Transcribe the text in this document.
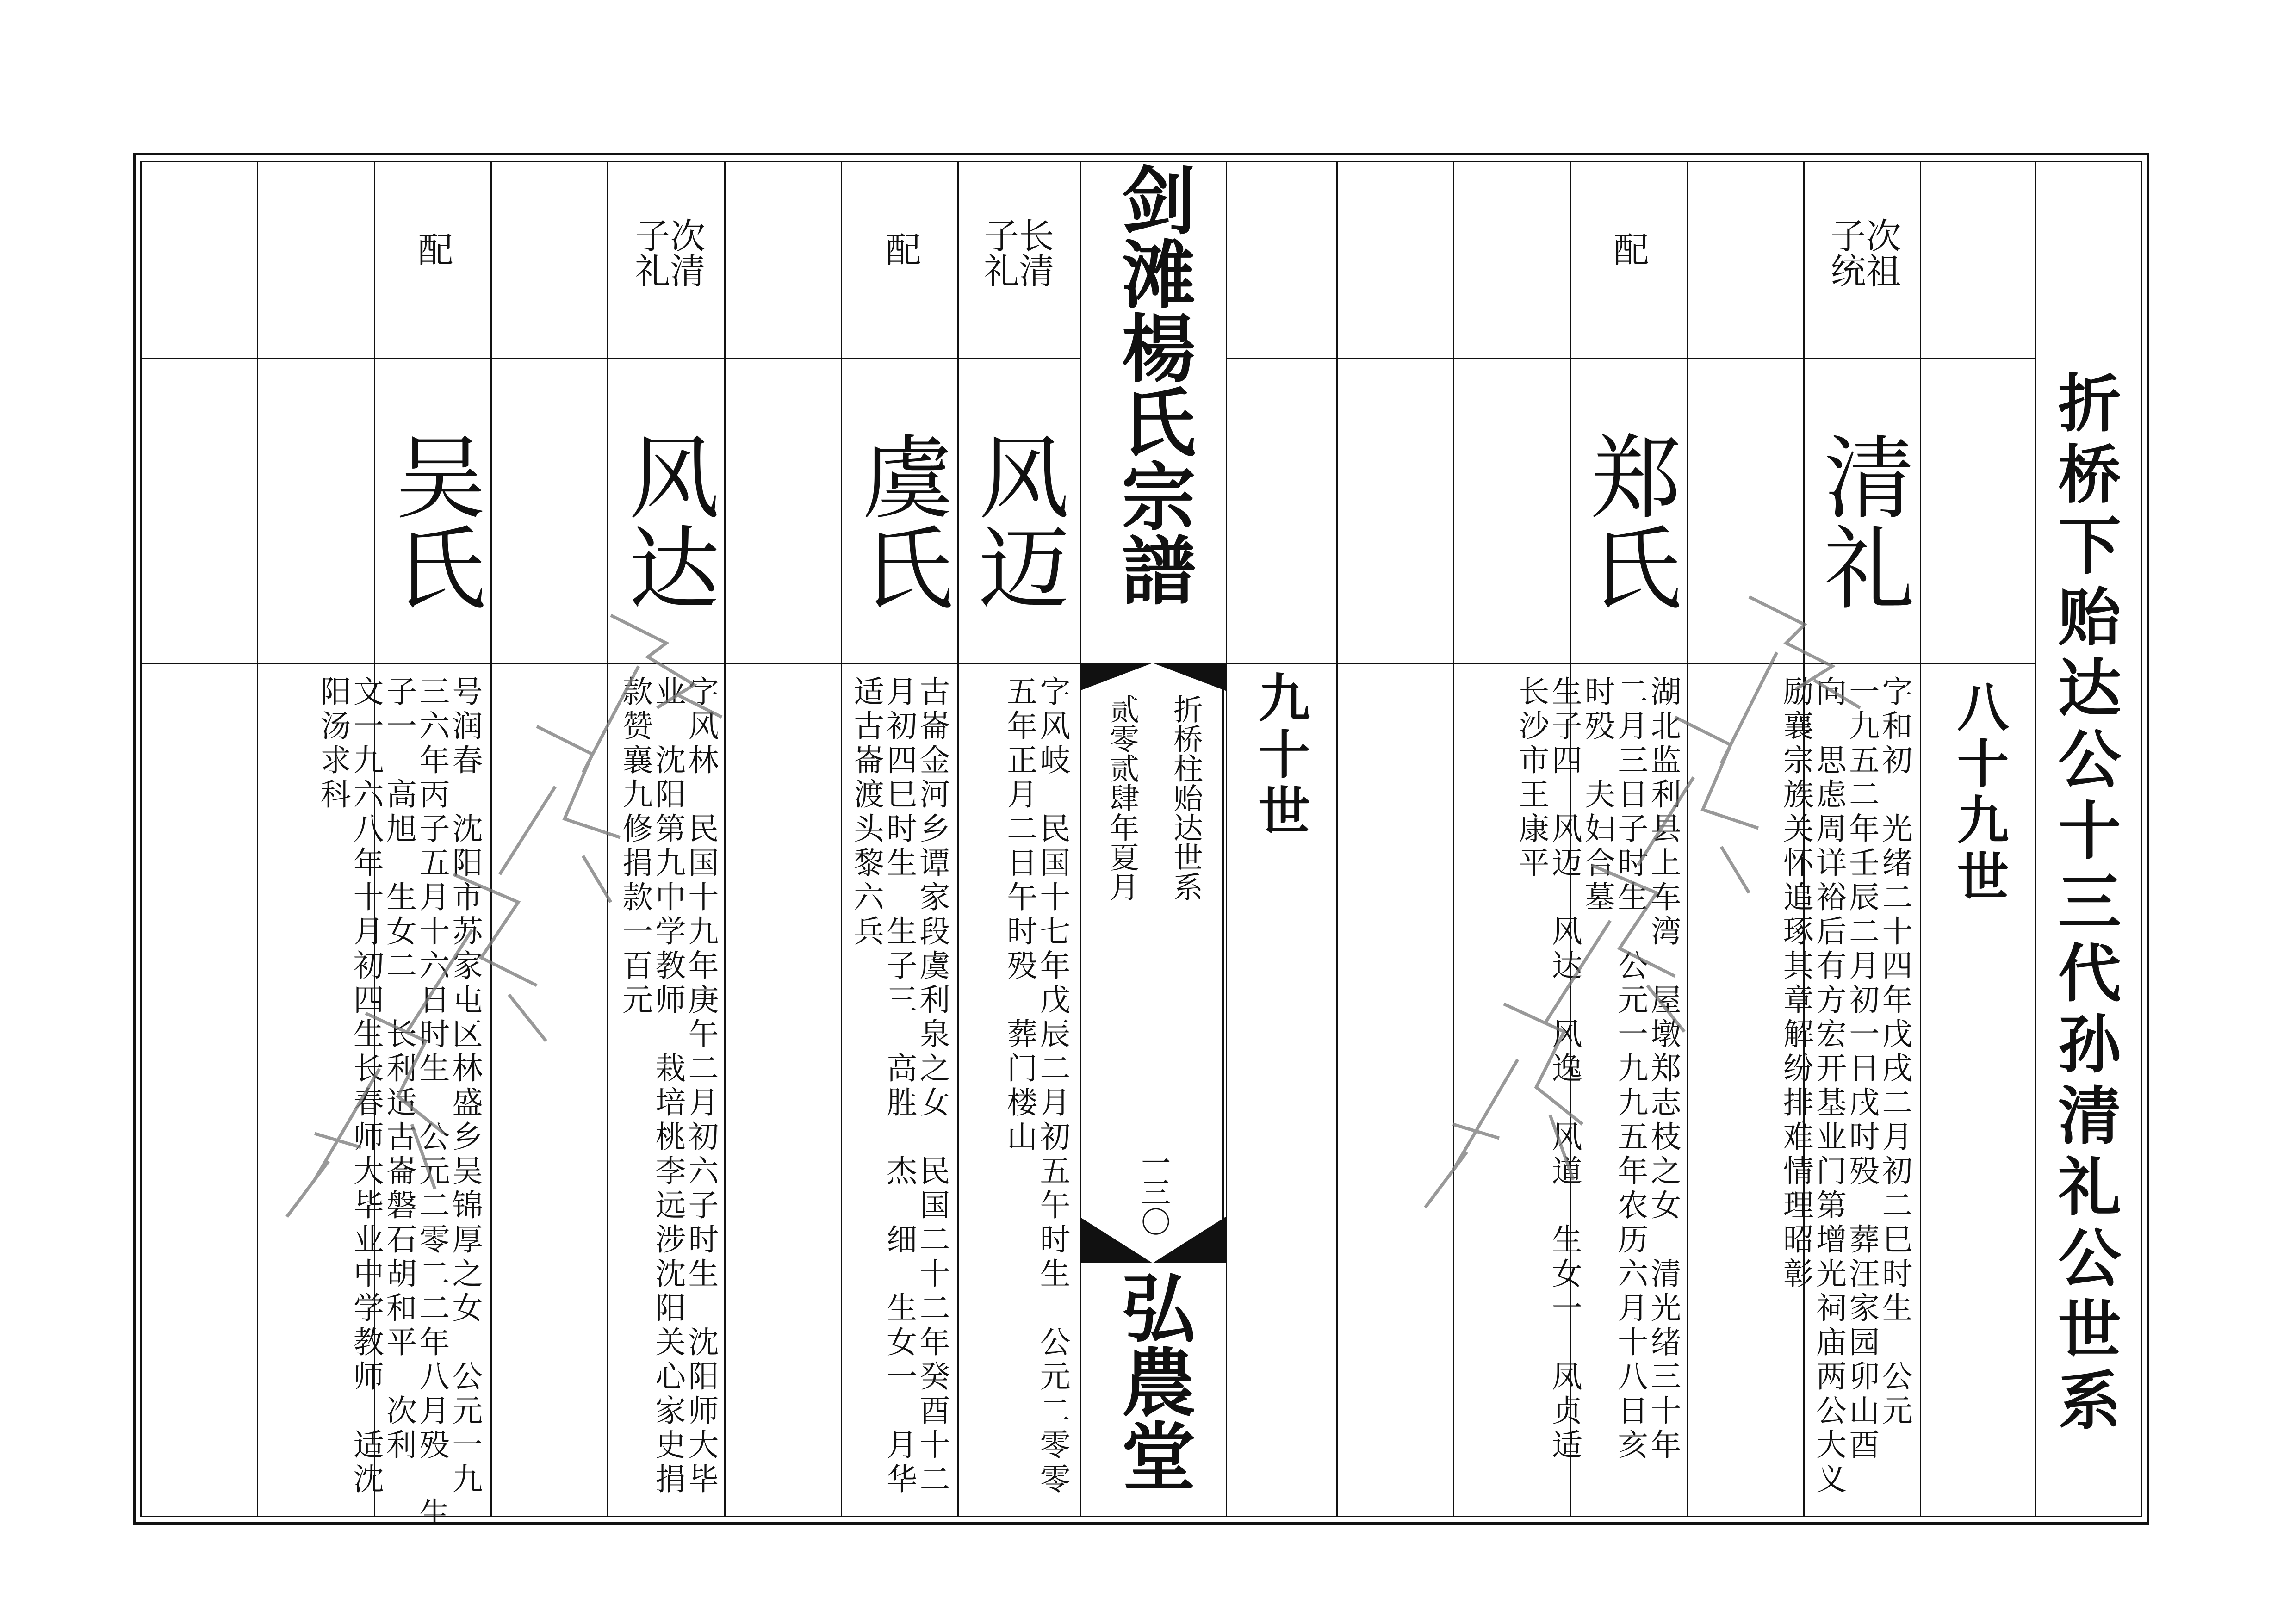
折桥下贻达公十三代孙清礼公世系
八十九世
九十世
次祖
子统
清礼
字和初　光绪二十四年戊戌二月初二巳时生　公元
一九五二年壬辰二月初一日戌时殁　葬汪家园卯山酉
向　思虑周详裕后有方宏开基业门第增光祠庙两公大义
励襄宗族关怀追琢其章解纷排难情理昭彰
配
郑氏
湖北监利县上车湾　屋墩郑志枝之女　清光绪三十年
二月三日子时生　公元一九九五年农历六月十八日亥
时殁　夫妇合墓
生子四　风迈　风达　风逸　风道　生女一　凤贞适
长沙市王康平
剑滩楊氏宗譜
折桥柱贻达世系
贰零贰肆年夏月
一三〇
弘農堂
长清
子礼
风迈
字风岐　民国十七年戊辰二月初五午时生　公元二零零
五年正月二日午时殁　葬门楼山
配
虞氏
古崙金河乡谭家段虞利泉之女　民国二十二年癸酉十二
月初四巳时生　生子三　高胜　杰　细　生女一　月华
适古崙渡头黎六兵
次清
子礼
风达
字风林　民国十九年庚午二月初六子时生　沈阳师大毕
业　沈阳第九中学教师　栽培桃李远涉沈阳关心家史捐
款赞襄九修捐款一百元
配
吴氏
号润春　沈阳市苏家屯区林盛乡吴锦厚之女　公元一九
三六年丙子五月十六日时生　公元二零二二年八月殁　生
子一　高旭　生女二　长利适古崙磐石胡和平　次利
文一九六八年十月初四生长春师大毕业中学教师　适沈
阳汤求科
